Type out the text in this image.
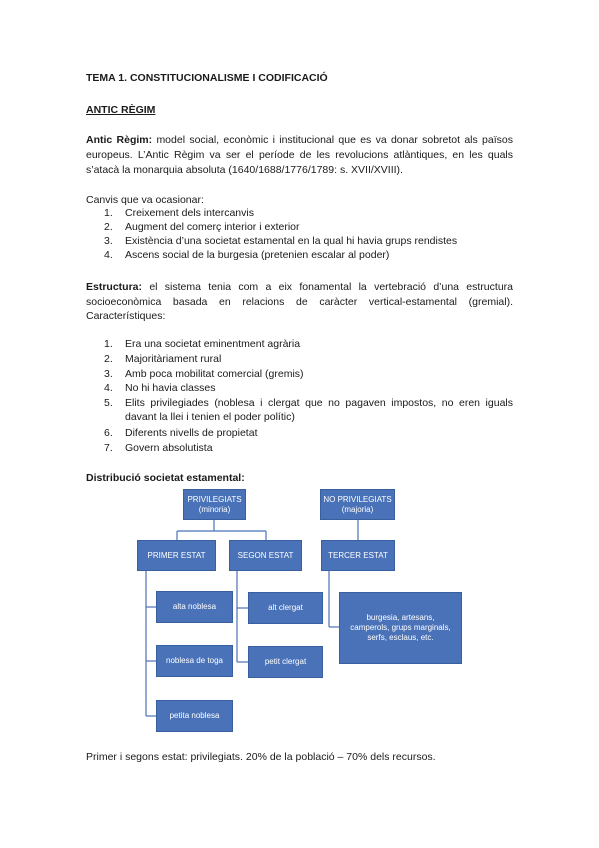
TEMA 1. CONSTITUCIONALISME I CODIFICACIÓ
ANTIC RÈGIM
Antic Règim: model social, econòmic i institucional que es va donar sobretot als països
europeus. L’Antic Règim va ser el període de les revolucions atlàntiques, en les quals
s’atacà la monarquia absoluta (1640/1688/1776/1789: s. XVII/XVIII).
Canvis que va ocasionar:
1. Creixement dels intercanvis
2. Augment del comerç interior i exterior
3. Existència d’una societat estamental en la qual hi havia grups rendistes
4. Ascens social de la burgesia (pretenien escalar al poder)
Estructura: el sistema tenia com a eix fonamental la vertebració d’una estructura
socioeconòmica basada en relacions de caràcter vertical-estamental (gremial).
Característiques:
1. Era una societat eminentment agrària
2. Majoritàriament rural
3. Amb poca mobilitat comercial (gremis)
4. No hi havia classes
5. Elits privilegiades (noblesa i clergat que no pagaven impostos, no eren iguals
6. Diferents nivells de propietat
7. Govern absolutista
davant la llei i tenien el poder polític)
Distribució societat estamental:
PRIVILEGIATS
(minoria)
NO PRIVILEGIATS
(majoria)
PRIMER ESTAT	SEGON ESTAT	TERCER ESTAT
alta noblesa
noblesa de toga
petita noblesa
alt clergat
petit clergat
burgesia, artesans,
camperols, grups marginals,
serfs, esclaus, etc.
Primer i segons estat: privilegiats. 20% de la població – 70% dels recursos.
